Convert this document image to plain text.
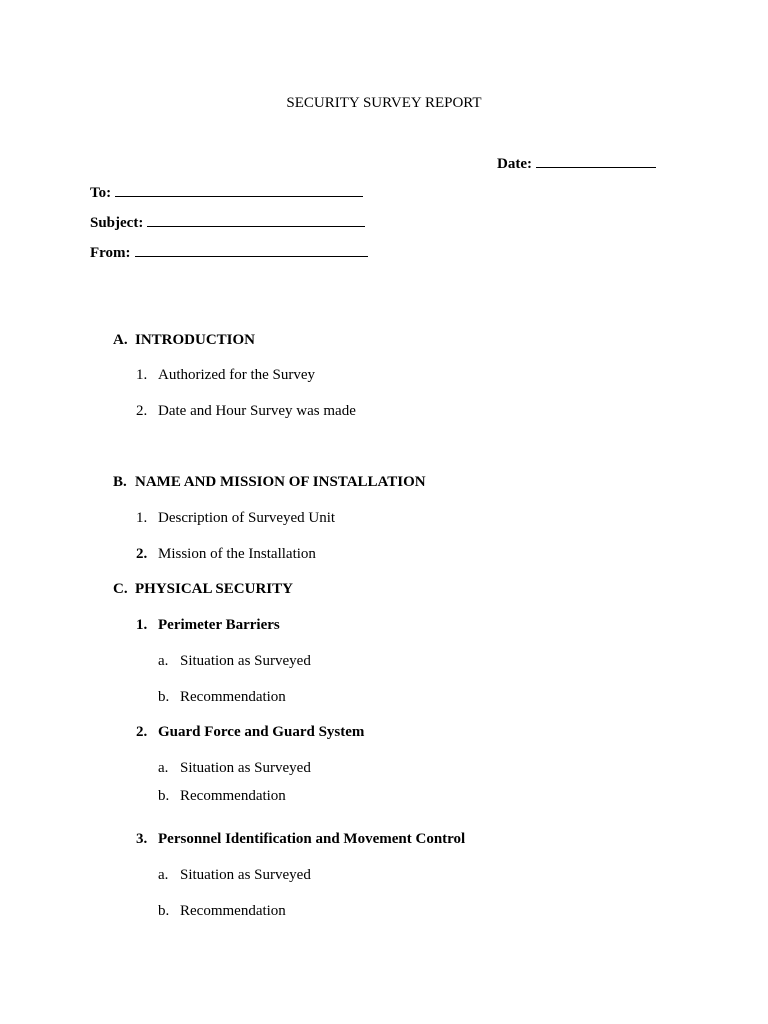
SECURITY SURVEY REPORT
Date:
To:
Subject:
From:
A. INTRODUCTION
1. Authorized for the Survey
2. Date and Hour Survey was made
B. NAME AND MISSION OF INSTALLATION
1. Description of Surveyed Unit
2. Mission of the Installation
C. PHYSICAL SECURITY
1. Perimeter Barriers
a. Situation as Surveyed
b. Recommendation
2. Guard Force and Guard System
a. Situation as Surveyed
b. Recommendation
3. Personnel Identification and Movement Control
a. Situation as Surveyed
b. Recommendation
